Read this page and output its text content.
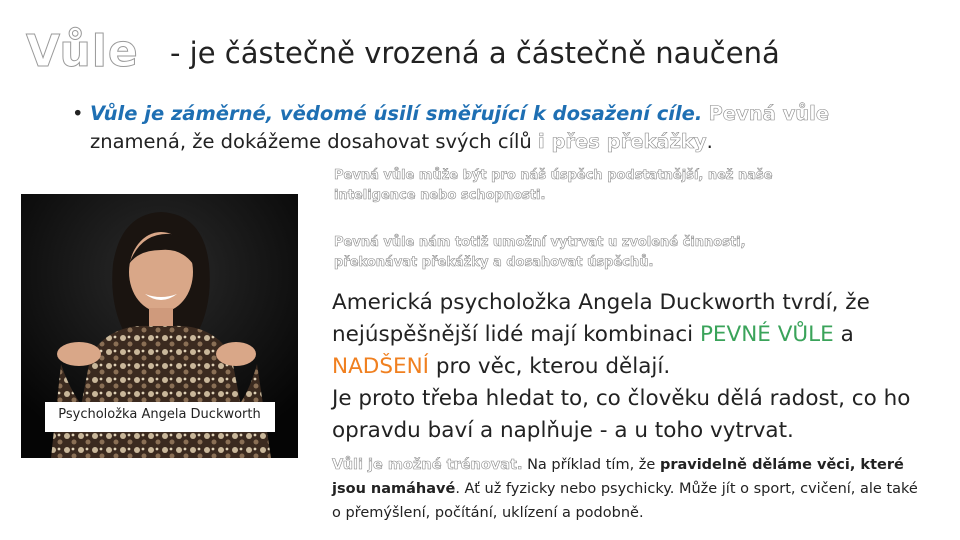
Vůle - je částečně vrozená a částečně naučená
• Vůle je záměrné, vědomé úsilí směřující k dosažení cíle. Pevná vůle
znamená, že dokážeme dosahovat svých cílů i přes překážky.
Pevná vůle může být pro náš úspěch podstatnější, než naše inteligence nebo schopnosti.
Pevná vůle nám totiž umožní vytrvat u zvolené činnosti, překonávat překážky a dosahovat úspěchů.
Psycholožka Angela Duckworth
Americká psycholožka Angela Duckworth tvrdí, že nejúspěšnější lidé mají kombinaci PEVNÉ VŮLE a NADŠENÍ pro věc, kterou dělají.
Je proto třeba hledat to, co člověku dělá radost, co ho opravdu baví a naplňuje - a u toho vytrvat.
Vůli je možné trénovat. Na příklad tím, že pravidelně děláme věci, které jsou namáhavé. Ať už fyzicky nebo psychicky. Může jít o sport, cvičení, ale také o přemýšlení, počítání, uklízení a podobně.
